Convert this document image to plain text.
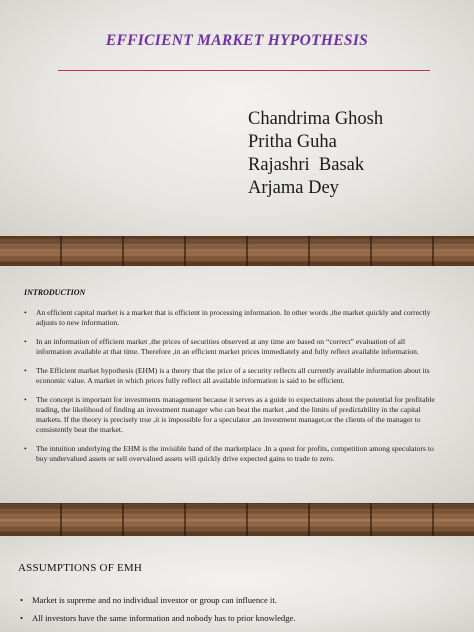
EFFICIENT MARKET HYPOTHESIS
Chandrima Ghosh
Pritha Guha
Rajashri  Basak
Arjama Dey
INTRODUCTION
• An efficient capital market is a market that is efficient in processing information. In other words ,the market quickly and correctly adjusts to new information.
• In an information of efficient market ,the prices of securities observed at any time are based on “correct” evaluation of all information available at that time. Therefore ,in an efficient market prices immediately and fully reflect available information.
• The Efficient market hypothesis (EHM) is a theory that the price of a security reflects all currently available information about its economic value. A market in which prices fully reflect all available information is said to be efficient.
• The concept is important for investments management because it serves as a guide to expectations about the potential for profitable trading, the likelihood of finding an investment manager who can beat the market ,and the limits of predictability in the capital markets. If the theory is precisely true ,it is impossible for a speculator ,an investment manager,or the clients of the manager to consistently beat the market.
• The intuition underlying the EHM is the invisible hand of the marketplace .In a quest for profits, competition among speculators to buy undervalued assets or sell overvalued assets will quickly drive expected gains to trade to zero.
ASSUMPTIONS OF EMH
• Market is supreme and no individual investor or group can influence it.
• All investors have the same information and nobody has to prior knowledge.
